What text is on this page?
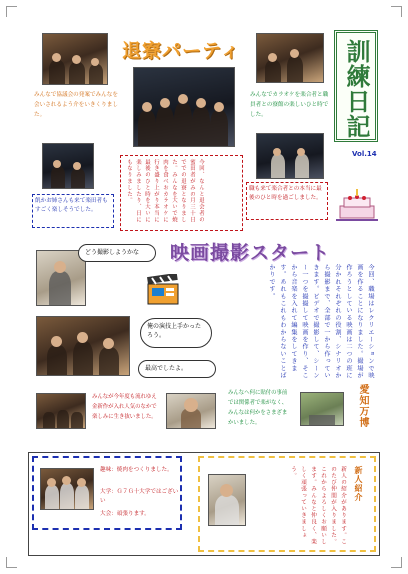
退寮パーティ	訓練日記
Vol.14
みんなで協議会の発案でみんなを会いされるよう介をいきくりました。
みんなでカラオケを楽合者と職員者との寮館の楽しいひと時でした。
今回、なんと退会者の蜜田者がみの月三十日ででの退寮となりました。みんなを大いで焼肉を食べおカラオケに行き盛り上がり本当に最後のひと時を大いに楽しみましたり、日にもなりました。
飢かお姉さんも来て楽田者もすごく楽しそうでした。
職も来て楽合者との本当に最後のひと時を過ごしました。
どう撮影しようかな	映画撮影スタート
今回、職場はレクリエーションで映画を作ることになりました。撮場が作ろうとしている映画は二つの班に分かれそれぞれの役割、シナリオから撮影まで、全部で一から作っていきます。ビデオで撮影して、シーンー一つを撮撮して映画を作り、そこから音楽を入れて編集をしてきます。あれもこれもわからないことばかりです。
俺の演技上手かったろう。
最高でしたよ。
みんなが今年度も流れゆえ金新作が入れ人気のなかで楽しみに生き抜いました。
みんなへ何に貼付の事前では関係者で楽がなく、みんなは何かをさまざまかいました。	愛知万博
趣味：焼肉をつくりました。
大学：Ｇ７Ｇ十大学ではございい
大会：頑張ります。
新人紹介
新人の紹介があります。このたび仲間が入りました。これからよろしくお願いします。みんなと仲良く、楽しく頑張っていきましょう。
